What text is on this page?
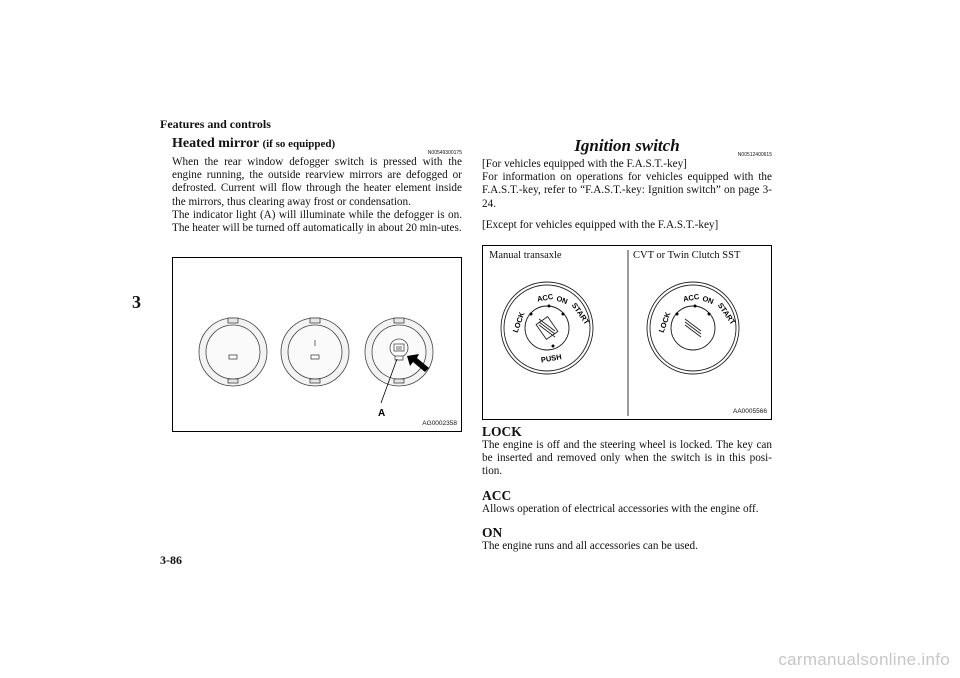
Features and controls
3
3-86
carmanualsonline.info

Heated mirror (if so equipped)

N00549300175

When the rear window defogger switch is pressed with the engine running, the outside rearview mirrors are defogged or defrosted. Current will flow through the heater element inside the mirrors, thus clearing away frost or condensation.

The indicator light (A) will illuminate while the defogger is on. The heater will be turned off automatically in about 20 min-utes.

A
AG0002358

Ignition switch	N00512400615

[For vehicles equipped with the F.A.S.T.-key]

For information on operations for vehicles equipped with the F.A.S.T.-key, refer to “F.A.S.T.-key: Ignition switch” on page 3-24.

[Except for vehicles equipped with the F.A.S.T.-key]

Manual transaxle	CVT or Twin Clutch SST
LOCK
ACC ON
START
PUSH
LOCK
ACC ON
START
AA0005566

LOCK

The engine is off and the steering wheel is locked. The key can be inserted and removed only when the switch is in this posi-tion.

ACC

Allows operation of electrical accessories with the engine off.

ON

The engine runs and all accessories can be used.
